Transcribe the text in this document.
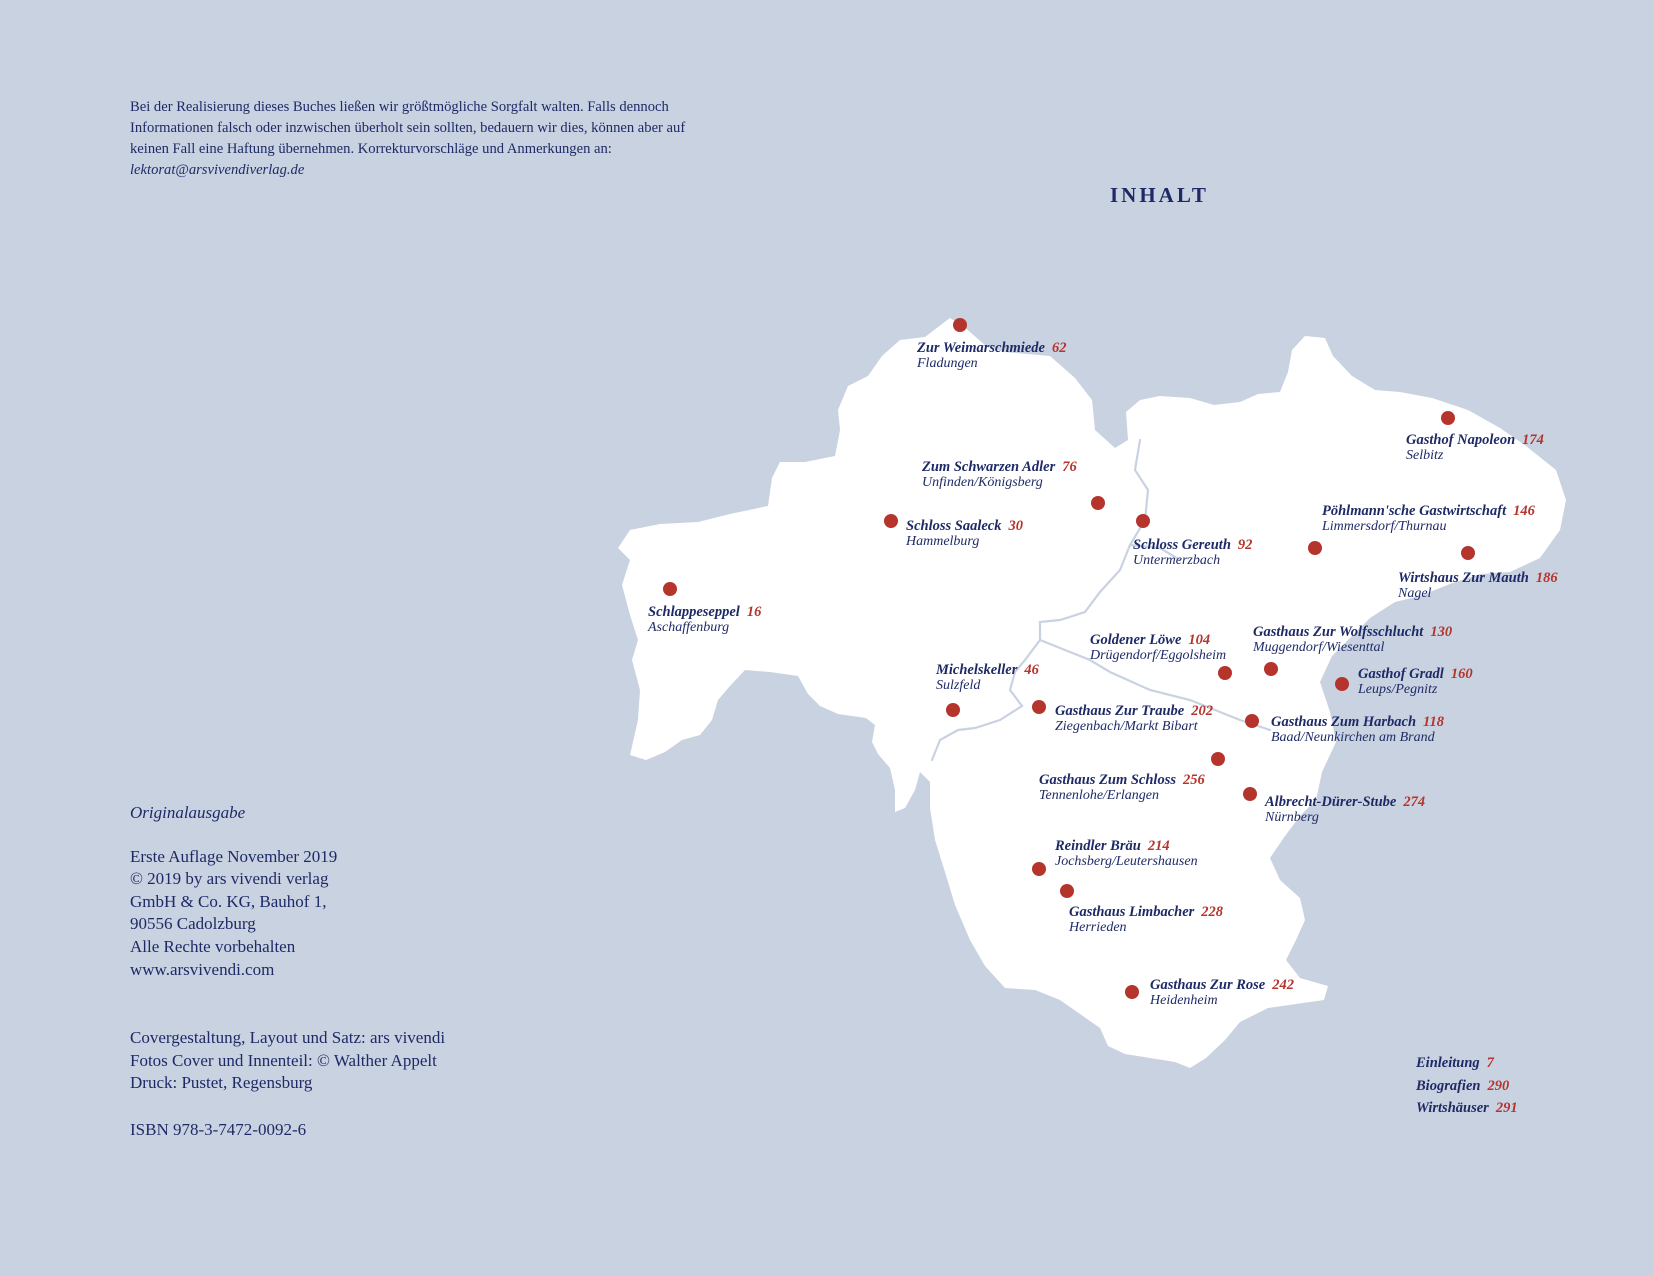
Bei der Realisierung dieses Buches ließen wir größtmögliche Sorgfalt walten. Falls dennoch Informationen falsch oder inzwischen überholt sein sollten, bedauern wir dies, können aber auf keinen Fall eine Haftung übernehmen. Korrekturvorschläge und Anmerkungen an: lektorat@arsvivendiverlag.de

INHALT
Zur Weimarschmiede 62
Fladungen
Zum Schwarzen Adler 76
Unfinden/Königsberg
Schloss Saaleck 30
Hammelburg	Schloss Gereuth 92
Untermerzbach
Gasthof Napoleon 174
Selbitz
Pöhlmann'sche Gastwirtschaft 146
Limmersdorf/Thurnau
Wirtshaus Zur Mauth 186
Nagel
Schlappeseppel 16
Aschaffenburg
Goldener Löwe 104
Drügendorf/Eggolsheim
Gasthaus Zur Wolfsschlucht 130
Muggendorf/Wiesenttal
Michelskeller 46
Sulzfeld
Gasthof Gradl 160
Leups/Pegnitz
Gasthaus Zur Traube 202
Ziegenbach/Markt Bibart	Gasthaus Zum Harbach 118
Baad/Neunkirchen am Brand
Gasthaus Zum Schloss 256
Tennenlohe/Erlangen	Albrecht-Dürer-Stube 274
Nürnberg
Reindler Bräu 214
Jochsberg/Leutershausen
Gasthaus Limbacher 228
Herrieden
Gasthaus Zur Rose 242
Heidenheim

Originalausgabe

Erste Auflage November 2019

© 2019 by ars vivendi verlag

GmbH & Co. KG, Bauhof 1,

90556 Cadolzburg

Alle Rechte vorbehalten

www.arsvivendi.com

Covergestaltung, Layout und Satz: ars vivendi

Fotos Cover und Innenteil: © Walther Appelt

Druck: Pustet, Regensburg

ISBN 978-3-7472-0092-6

Einleitung 7
Biografien 290
Wirtshäuser 291
